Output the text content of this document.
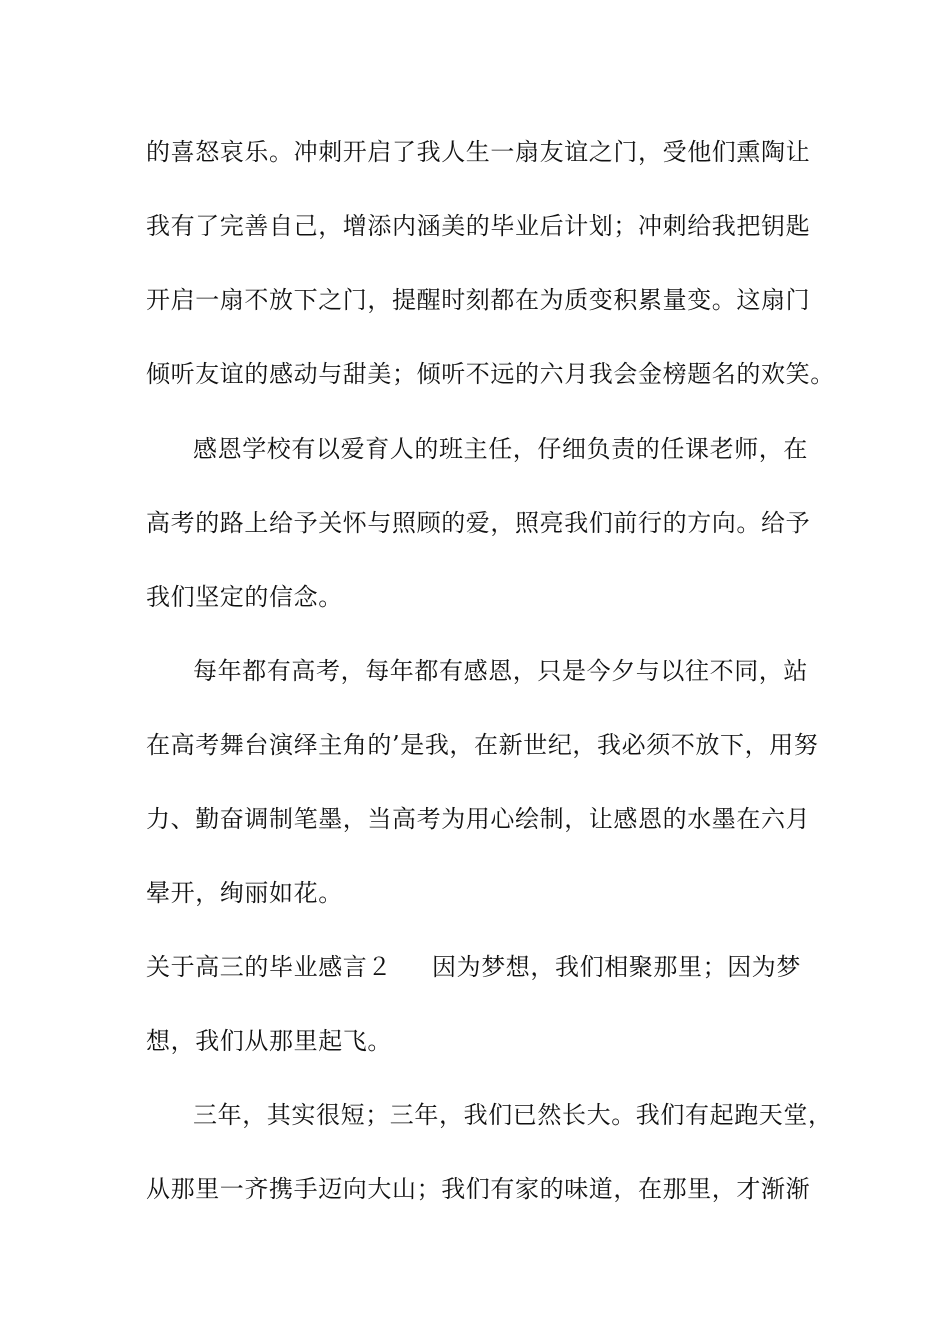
的喜怒哀乐。冲刺开启了我人生一扇友谊之门，受他们熏陶让
我有了完善自己，增添内涵美的毕业后计划；冲刺给我把钥匙
开启一扇不放下之门，提醒时刻都在为质变积累量变。这扇门
倾听友谊的感动与甜美；倾听不远的六月我会金榜题名的欢笑。
感恩学校有以爱育人的班主任，仔细负责的任课老师，在
高考的路上给予关怀与照顾的爱，照亮我们前行的方向。给予
我们坚定的信念。
每年都有高考，每年都有感恩，只是今夕与以往不同，站
在高考舞台演绎主角的’是我，在新世纪，我必须不放下，用努
力、勤奋调制笔墨，当高考为用心绘制，让感恩的水墨在六月
晕开，绚丽如花。
关于高三的毕业感言２ 因为梦想，我们相聚那里；因为梦
想，我们从那里起飞。
三年，其实很短；三年，我们已然长大。我们有起跑天堂，
从那里一齐携手迈向大山；我们有家的味道，在那里，才渐渐
